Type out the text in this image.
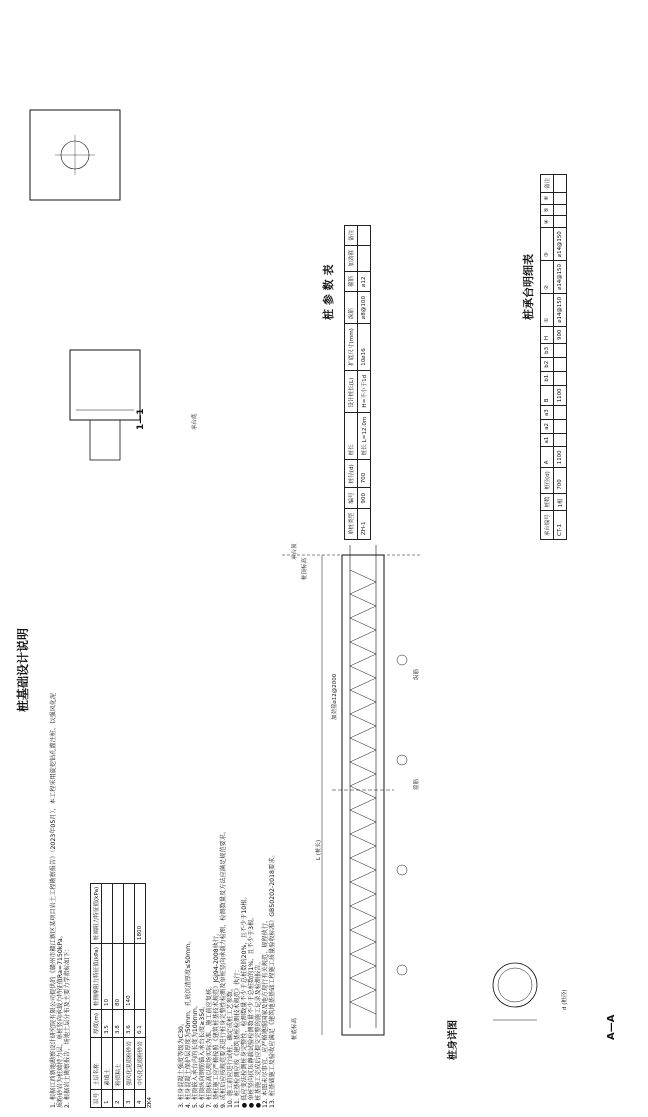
桩基础设计说明
1. 根据江西新地勘察设计研究院有限公司提供的《赣州市赣江新区某项目岩土工程勘察报告》（2023年05月），本工程采用旋挖钻孔灌注桩，以强风化泥质粉砂岩为桩端持力层，单桩竖向承载力特征值Ra=7150kPa。 2. 根据岩土勘察报告，场地土层分布及主要力学指标如下：	层号	土层名称	厚度(m)	桩侧摩阻力特征值(kPa)	桩端阻力特征值(kPa)
1	素填土	3.5	10	
2	粉质粘土	3.8	80	
3	强风化泥质粉砂岩	3.6	140	
4	中风化泥质粉砂岩	6.1		1800
ZK4	3. 桩身混凝土强度等级为C30。 4. 桩身混凝土保护层厚度为50mm，孔底沉渣厚度≤50mm。 5. 桩顶嵌入承台内的长度为100mm。 6. 桩顶纵向钢筋锚入承台长度≥35d。 7. 桩顶标高以现场实际为准，施工前应复核。 8. 基桩施工应严格按照《建筑桩基技术规范》JGJ94-2008执行。 9. 成桩后应按规范要求进行桩身完整性检测及单桩竖向承载力检测，检测数量及方法应满足规范要求。 10. 施工前应进行试桩，确定成桩工艺参数。 11. 桩基检测应按《建筑基桩检测技术规范》执行： ● 低应变法检测桩身完整性，检测数量不少于总桩数的20%，且不少于10根。 ● 单桩竖向抗压静载试验检测数量不少于总桩数的1%，且不少于3根。 ● 桩基施工完成后应提交完整的施工记录及检测报告。 12. 本图未尽事宜，应严格遵照国家及地方现行有关规范、规程执行。 13. 桩基础施工及验收应满足《建筑地基基础工程施工质量验收标准》GB50202-2018要求。
承台顶
桩顶标高
纵筋
箍筋
加劲箍⌀12@2000
L (桩长)
桩底标高	桩身详图	A—A
d (桩径)
承台底
1—1
桩 参 数 表
单桩类型	编号	桩径(d)	桩长	设计桩长(L)	扩底尺寸(mm)	纵筋	箍筋	加劲箍	备注
ZH-1	900	700	桩长 L=12.0m	H=不小于1d	10⌀16	⌀8@100	⌀12			桩承台明细表
承台编号	桩数	桩径(d)	A	a1	a2	a3	B	b1	b2	b3	H	①	②	③	④	⑤	⑥	备注
CT-1	1根	700	1100				1100				900	⌀14@150	⌀14@150	⌀14@150				
